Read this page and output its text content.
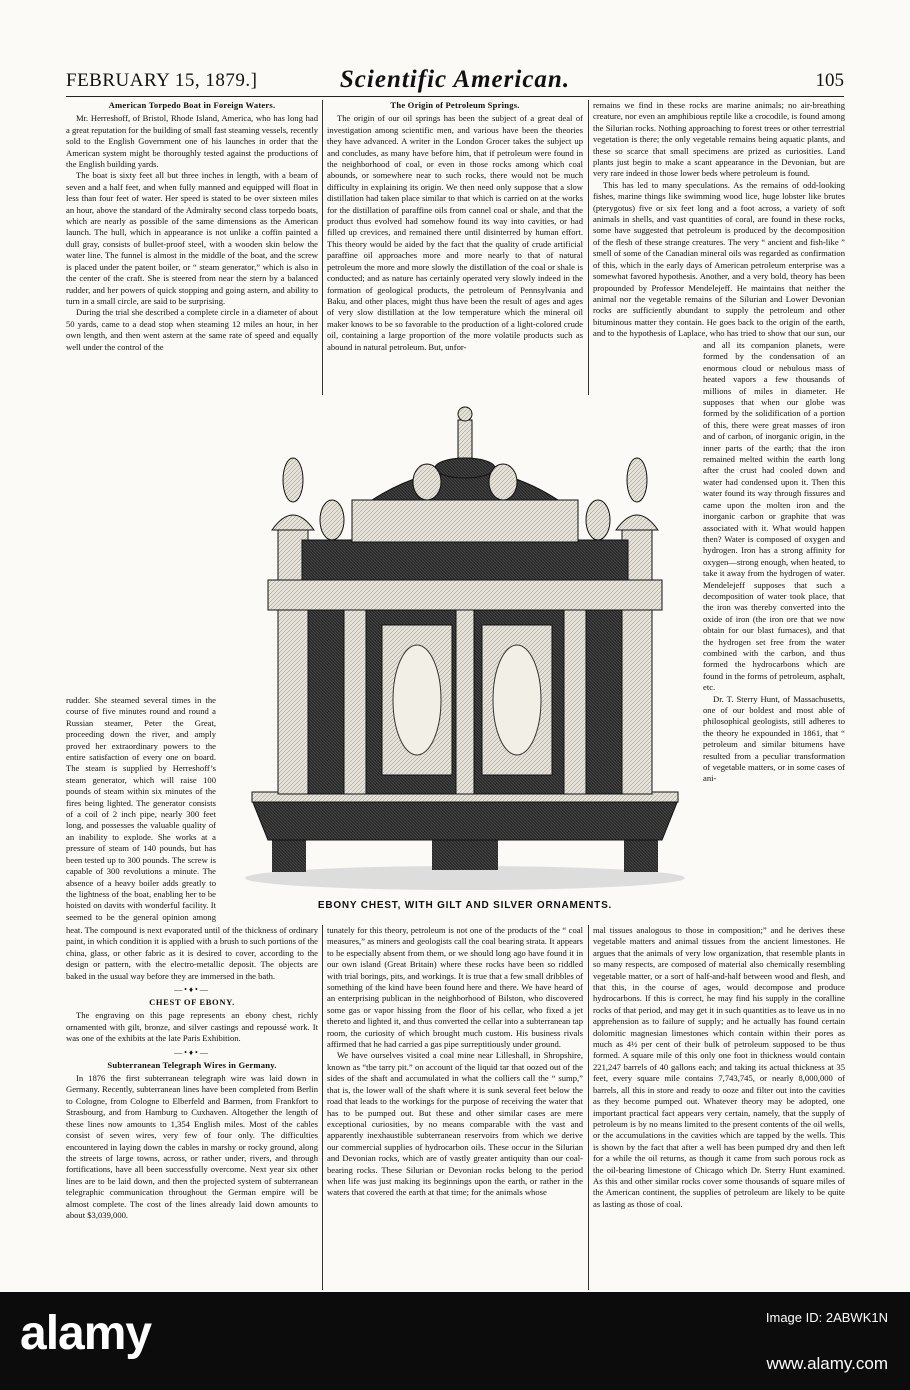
FEBRUARY 15, 1879.]	Scientific American.	105
American Torpedo Boat in Foreign Waters.

Mr. Herreshoff, of Bristol, Rhode Island, America, who has long had a great reputation for the building of small fast steaming vessels, recently sold to the English Government one of his launches in order that the American system might be thoroughly tested against the productions of the English building yards.

The boat is sixty feet all but three inches in length, with a beam of seven and a half feet, and when fully manned and equipped will float in less than four feet of water. Her speed is stated to be over sixteen miles an hour, above the standard of the Admiralty second class torpedo boats, which are nearly as possible of the same dimensions as the American launch. The hull, which in appearance is not unlike a coffin painted a dull gray, consists of bullet-proof steel, with a wooden skin below the water line. The funnel is almost in the middle of the boat, and the screw is placed under the patent boiler, or “ steam generator,” which is also in the center of the craft. She is steered from near the stern by a balanced rudder, and her powers of quick stopping and going astern, and ability to turn in a small circle, are said to be surprising.

During the trial she described a complete circle in a diameter of about 50 yards, came to a dead stop when steaming 12 miles an hour, in her own length, and then went astern at the same rate of speed and equally well under the control of the

rudder. She steamed several times in the course of five minutes round and round a Russian steamer, Peter the Great, proceeding down the river, and amply proved her extraordinary powers to the entire satisfaction of every one on board. The steam is supplied by Herreshoff’s steam generator, which will raise 100 pounds of steam within six minutes of the fires being lighted. The generator consists of a coil of 2 inch pipe, nearly 300 feet long, and possesses the valuable quality of an inability to explode. She works at a pressure of steam of 140 pounds, but has been tested up to 300 pounds. The screw is capable of 300 revolutions a minute. The absence of a heavy boiler adds greatly to the lightness of the boat, enabling her to be hoisted on davits with wonderful facility. It seemed to be the general opinion among

heat. The compound is next evaporated until of the thickness of ordinary paint, in which condition it is applied with a brush to such portions of the china, glass, or other fabric as it is desired to cover, according to the design or pattern, with the electro-metallic deposit. The objects are baked in the usual way before they are immersed in the bath.

—•♦•—
CHEST OF EBONY.

The engraving on this page represents an ebony chest, richly ornamented with gilt, bronze, and silver castings and repoussé work. It was one of the exhibits at the late Paris Exhibition.

—•♦•—
Subterranean Telegraph Wires in Germany.

In 1876 the first subterranean telegraph wire was laid down in Germany. Recently, subterranean lines have been completed from Berlin to Cologne, from Cologne to Elberfeld and Barmen, from Frankfort to Strasbourg, and from Hamburg to Cuxhaven. Altogether the length of these lines now amounts to 1,354 English miles. Most of the cables consist of seven wires, very few of four only. The difficulties encountered in laying down the cables in marshy or rocky ground, along the streets of large towns, across, or rather under, rivers, and through fortifications, have all been successfully overcome. Next year six other lines are to be laid down, and then the projected system of subterranean telegraphic communication throughout the German empire will be almost complete. The cost of the lines already laid down amounts to about $3,039,000.

The Origin of Petroleum Springs.

The origin of our oil springs has been the subject of a great deal of investigation among scientific men, and various have been the theories they have advanced. A writer in the London Grocer takes the subject up and concludes, as many have before him, that if petroleum were found in the neighborhood of coal, or even in those rocks among which coal abounds, or somewhere near to such rocks, there would not be much difficulty in explaining its origin. We then need only suppose that a slow distillation had taken place similar to that which is carried on at the works for the distillation of paraffine oils from cannel coal or shale, and that the product thus evolved had somehow found its way into cavities, or had filled up crevices, and remained there until disinterred by human effort. This theory would be aided by the fact that the quality of crude artificial paraffine oil approaches more and more nearly to that of natural petroleum the more and more slowly the distillation of the coal or shale is conducted; and as nature has certainly operated very slowly indeed in the formation of geological products, the petroleum of Pennsylvania and Baku, and other places, might thus have been the result of ages and ages of very slow distillation at the low temperature which the mineral oil maker knows to be so favorable to the production of a light-colored crude oil, containing a large proportion of the more volatile products such as abound in natural petroleum. But, unfor-

tunately for this theory, petroleum is not one of the products of the “ coal measures,” as miners and geologists call the coal bearing strata. It appears to be especially absent from them, or we should long ago have found it in our own island (Great Britain) where these rocks have been so riddled with trial borings, pits, and workings. It is true that a few small dribbles of something of the kind have been found here and there. We have heard of an enterprising publican in the neighborhood of Bilston, who discovered some gas or vapor hissing from the floor of his cellar, who fixed a jet thereto and lighted it, and thus converted the cellar into a subterranean tap room, the curiosity of which brought much custom. His business rivals affirmed that he had carried a gas pipe surreptitiously under ground.

We have ourselves visited a coal mine near Lilleshall, in Shropshire, known as “tbe tarry pit.” on account of the liquid tar that oozed out of the sides of the shaft and accumulated in what the colliers call the “ sump,” that is, the lower wall of the shaft where it is sunk several feet below the road that leads to the workings for the purpose of receiving the water that has to be pumped out. But these and other similar cases are mere exceptional curiosities, by no means comparable with the vast and apparently inexhaustible subterranean reservoirs from which we derive our commercial supplies of hydrocarbon oils. These occur in the Silurian and Devonian rocks, which are of vastly greater antiquity than our coal-bearing rocks. These Silurian or Devonian rocks belong to the period when life was just making its beginnings upon the earth, or rather in the waters that covered the earth at that time; for the animals whose

remains we find in these rocks are marine animals; no air-breathing creature, nor even an amphibious reptile like a crocodile, is found among the Silurian rocks. Nothing approaching to forest trees or other terrestrial vegetation is there; the only vegetable remains being aquatic plants, and these so scarce that small specimens are prized as curiosities. Land plants just begin to make a scant appearance in the Devonian, but are very rare indeed in those lower beds where petroleum is found.

This has led to many speculations. As the remains of odd-looking fishes, marine things like swimming wood lice, huge lobster like brutes (pterygotus) five or six feet long and a foot across, a variety of soft animals in shells, and vast quantities of coral, are found in these rocks, some have suggested that petroleum is produced by the decomposition of the flesh of these strange creatures. The very “ ancient and fish-like ” smell of some of the Canadian mineral oils was regarded as confirmation of this, which in the early days of American petroleum enterprise was a somewhat favored hypothesis. Another, and a very bold, theory has been propounded by Professor Mendelejeff. He maintains that neither the animal nor the vegetable remains of the Silurian and Lower Devonian rocks are sufficiently abundant to supply the petroleum and other bituminous matter they contain. He goes back to the origin of the earth, and to the hypothesis of Laplace, who has tried to show that our sun, our

and all its companion planets, were formed by the condensation of an enormous cloud or nebulous mass of heated vapors a few thousands of millions of miles in diameter. He supposes that when our globe was formed by the solidification of a portion of this, there were great masses of iron and of carbon, of inorganic origin, in the inner parts of the earth; that the iron remained melted within the earth long after the crust had cooled down and water had condensed upon it. Then this water found its way through fissures and came upon the molten iron and the inorganic carbon or graphite that was associated with it. What would happen then? Water is composed of oxygen and hydrogen. Iron has a strong affinity for oxygen—strong enough, when heated, to take it away from the hydrogen of water. Mendelejeff supposes that such a decomposition of water took place, that the iron was thereby converted into the oxide of iron (the iron ore that we now obtain for our blast furnaces), and that the hydrogen set free from the water combined with the carbon, and thus formed the hydrocarbons which are found in the forms of petroleum, asphalt, etc.

Dr. T. Sterry Hunt, of Massachusetts, one of our boldest and most able of philosophical geologists, still adheres to the theory he expounded in 1861, that “ petroleum and similar bitumens have resulted from a peculiar transformation of vegetable matters, or in some cases of ani-

mal tissues analogous to those in composition;” and he derives these vegetable matters and animal tissues from the ancient limestones. He argues that the animals of very low organization, that resemble plants in so many respects, are composed of material also chemically resembling vegetable matter, or a sort of half-and-half between wood and flesh, and that this, in the course of ages, would decompose and produce hydrocarbons. If this is correct, he may find his supply in the coralline rocks of that period, and may get it in such quantities as to leave us in no apprehension as to failure of supply; and he actually has found certain dolomitic magnesian limestones which contain within their pores as much as 4½ per cent of their bulk of petroleum supposed to be thus formed. A square mile of this only one foot in thickness would contain 221,247 barrels of 40 gallons each; and taking its actual thickness at 35 feet, every square mile contains 7,743,745, or nearly 8,000,000 of barrels, all this in store and ready to ooze and filter out into the cavities as they become pumped out. Whatever theory may be adopted, one important practical fact appears very certain, namely, that the supply of petroleum is by no means limited to the present contents of the oil wells, or the accumulations in the cavities which are tapped by the wells. This is shown by the fact that after a well has been pumped dry and then left for a while the oil returns, as though it came from such porous rock as the oil-bearing limestone of Chicago which Dr. Sterry Hunt examined. As this and other similar rocks cover some thousands of square miles of the American continent, the supplies of petroleum are likely to be quite as lasting as those of coal.

EBONY CHEST, WITH GILT AND SILVER ORNAMENTS.
alamy	Image ID: 2ABWK1N
www.alamy.com
